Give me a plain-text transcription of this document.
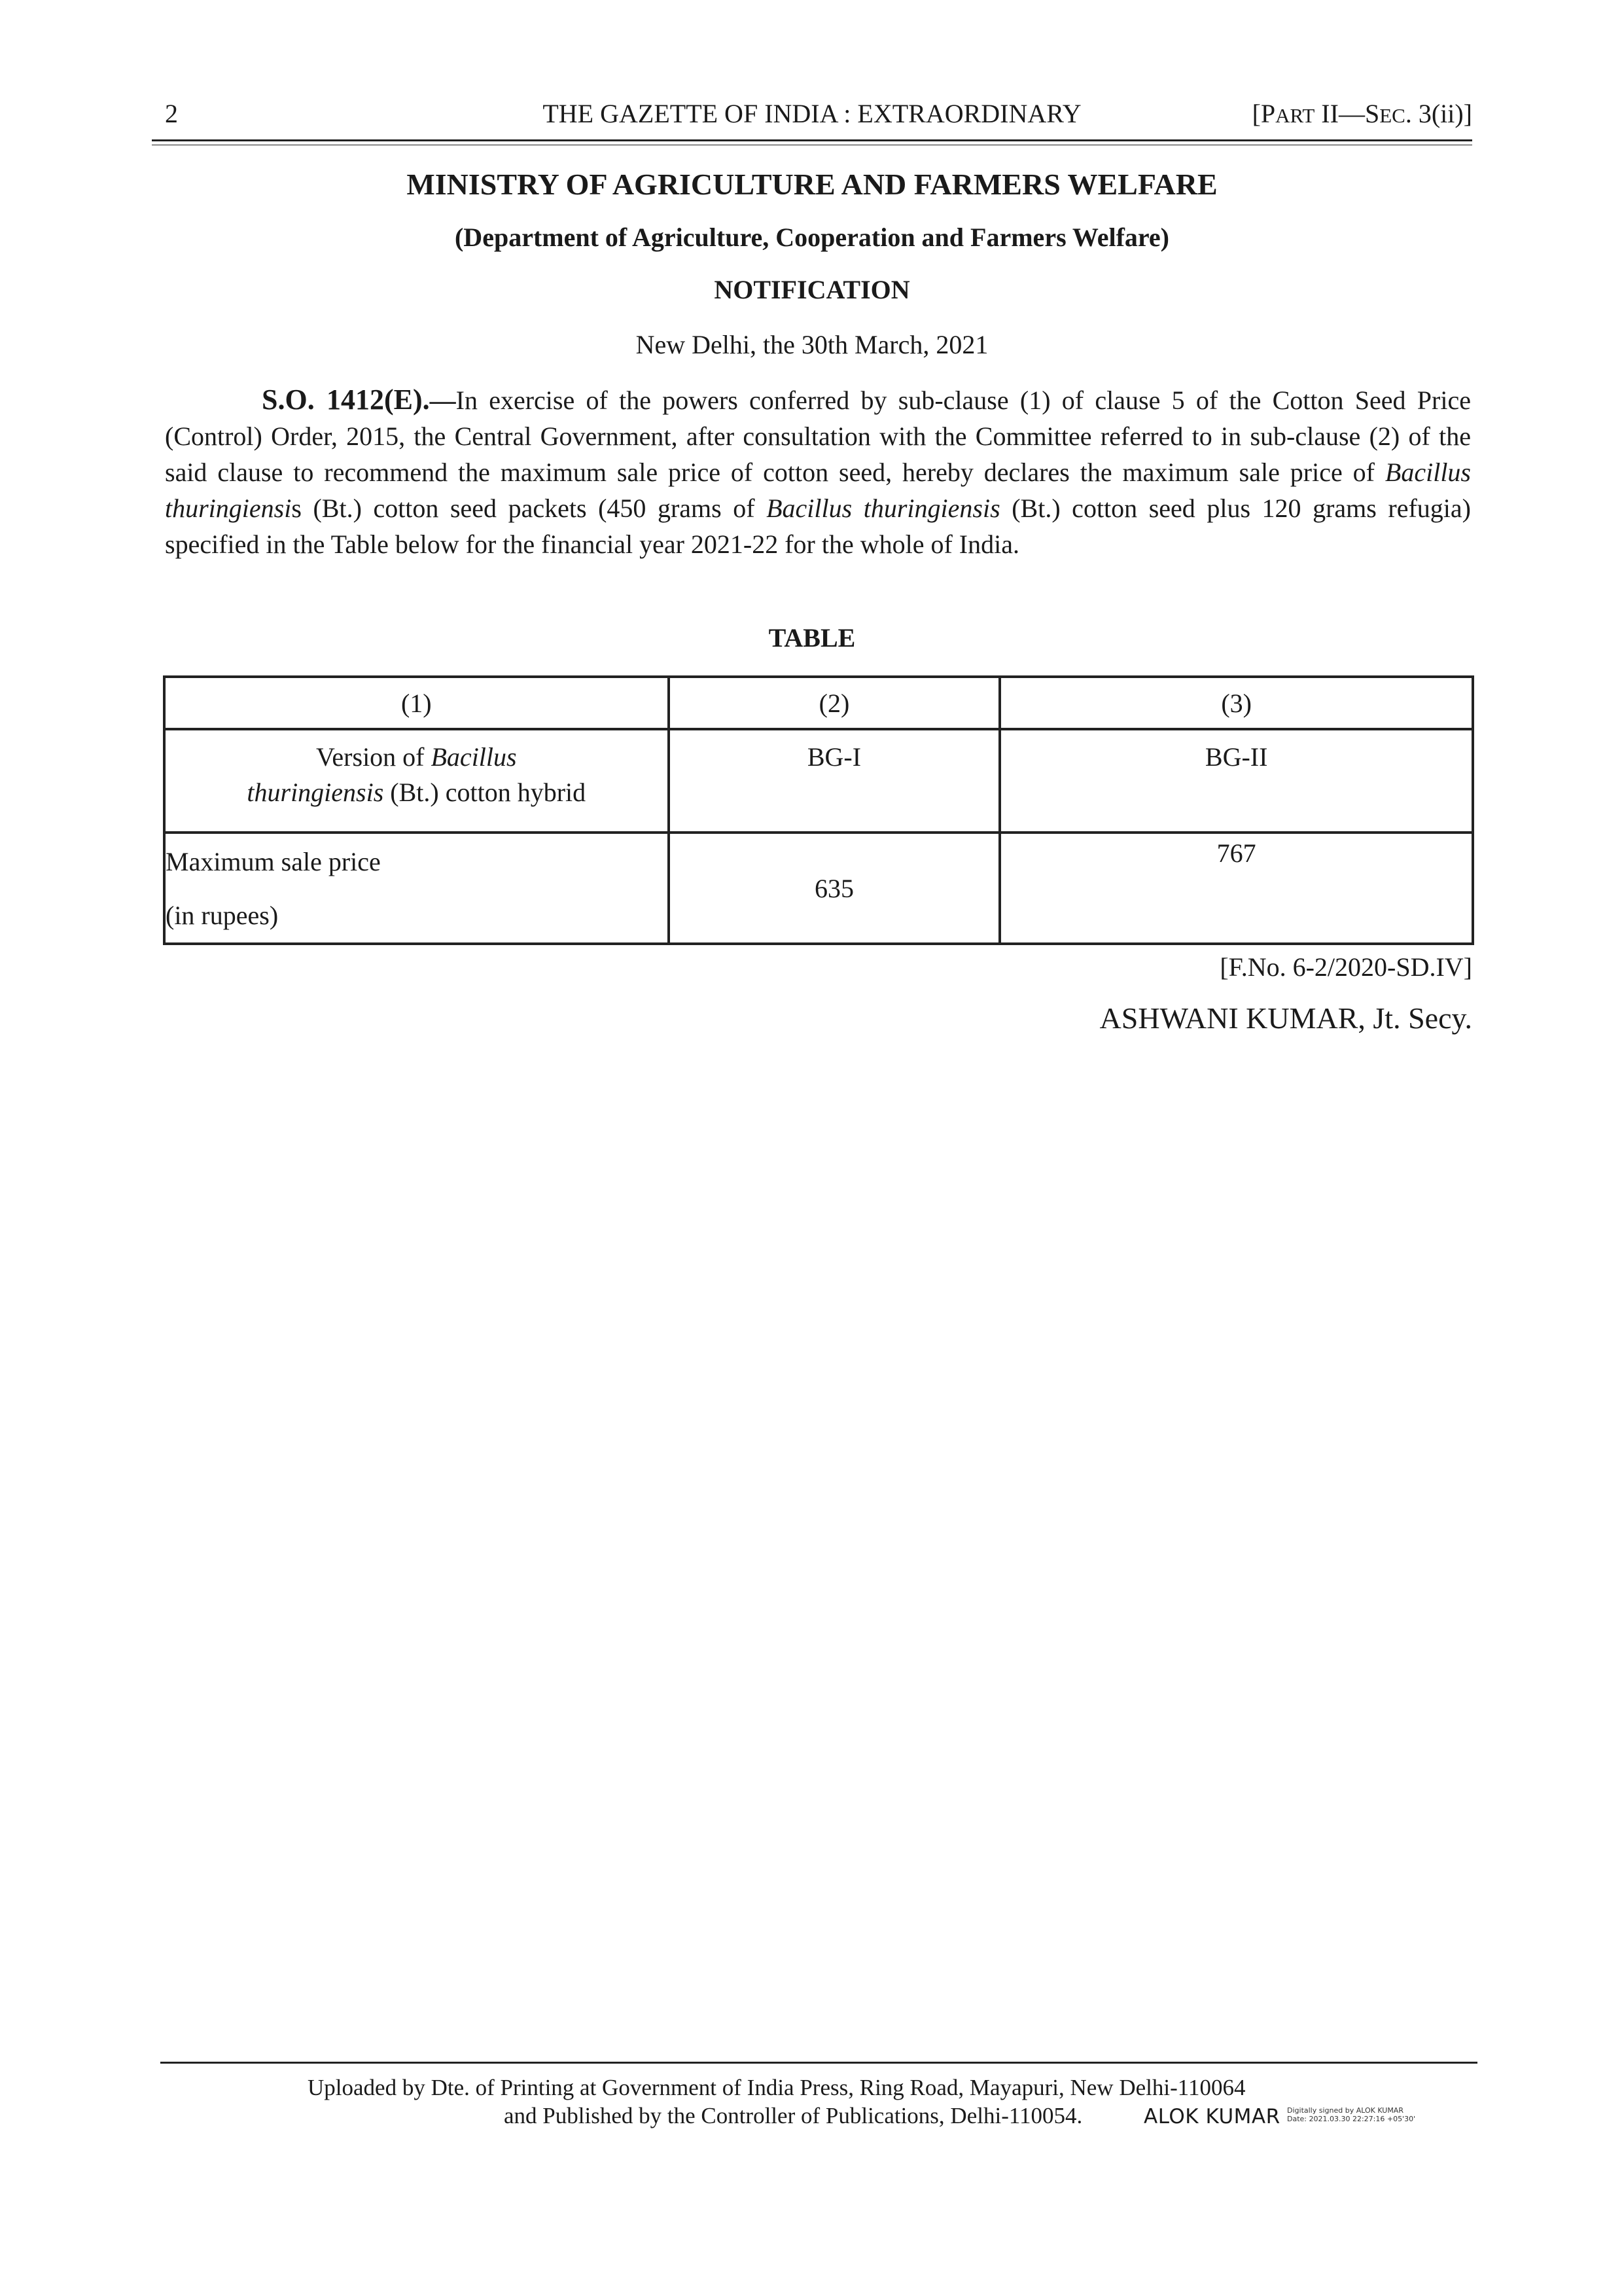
2	THE GAZETTE OF INDIA : EXTRAORDINARY	[PART II—SEC. 3(ii)]
MINISTRY OF AGRICULTURE AND FARMERS WELFARE
(Department of Agriculture, Cooperation and Farmers Welfare)
NOTIFICATION
New Delhi, the 30th March, 2021

S.O. 1412(E).—In exercise of the powers conferred by sub-clause (1) of clause 5 of the Cotton Seed Price (Control) Order, 2015, the Central Government, after consultation with the Committee referred to in sub-clause (2) of the said clause to recommend the maximum sale price of cotton seed, hereby declares the maximum sale price of Bacillus thuringiensis (Bt.) cotton seed packets (450 grams of Bacillus thuringiensis (Bt.) cotton seed plus 120 grams refugia) specified in the Table below for the financial year 2021-22 for the whole of India.

TABLE
(1)	(2)	(3)
Version of Bacillus
thuringiensis (Bt.) cotton hybrid	BG-I	BG-II

Maximum sale price
(in rupees)	635	767
[F.No. 6-2/2020-SD.IV]
ASHWANI KUMAR, Jt. Secy.
Uploaded by Dte. of Printing at Government of India Press, Ring Road, Mayapuri, New Delhi-110064
and Published by the Controller of Publications, Delhi-110054.	ALOK KUMAR Digitally signed by ALOK KUMAR
Date: 2021.03.30 22:27:16 +05'30'
